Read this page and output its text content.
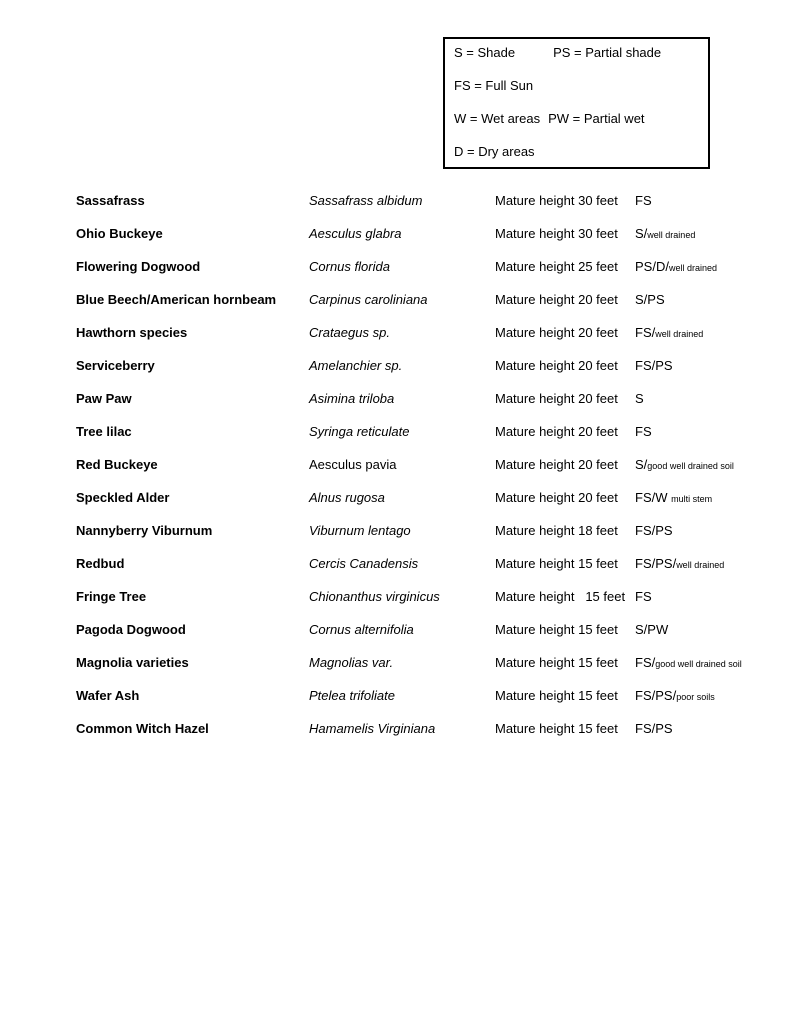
S = Shade	PS = Partial shade
FS = Full Sun
W = Wet areas PW = Partial wet
D = Dry areas
Sassafrass	Sassafrass albidum	Mature height 30 feet FS
Ohio Buckeye	Aesculus glabra	Mature height 30 feet S/well drained
Flowering Dogwood	Cornus florida	Mature height 25 feet PS/D/well drained
Blue Beech/American hornbeam	Carpinus caroliniana	Mature height 20 feet S/PS
Hawthorn species	Crataegus sp.	Mature height 20 feet FS/well drained
Serviceberry	Amelanchier sp.	Mature height 20 feet FS/PS
Paw Paw	Asimina triloba	Mature height 20 feet S
Tree lilac	Syringa reticulate	Mature height 20 feet FS
Red Buckeye	Aesculus pavia	Mature height 20 feet S/good well drained soil
Speckled Alder	Alnus rugosa	Mature height 20 feet FS/W multi stem
Nannyberry Viburnum	Viburnum lentago	Mature height 18 feet FS/PS
Redbud	Cercis Canadensis	Mature height 15 feet FS/PS/well drained
Fringe Tree	Chionanthus virginicus	Mature height   15 feet FS
Pagoda Dogwood	Cornus alternifolia	Mature height 15 feet S/PW
Magnolia varieties	Magnolias var.	Mature height 15 feet FS/good well drained soil
Wafer Ash	Ptelea trifoliate	Mature height 15 feet FS/PS/poor soils
Common Witch Hazel	Hamamelis Virginiana	Mature height 15 feet FS/PS
